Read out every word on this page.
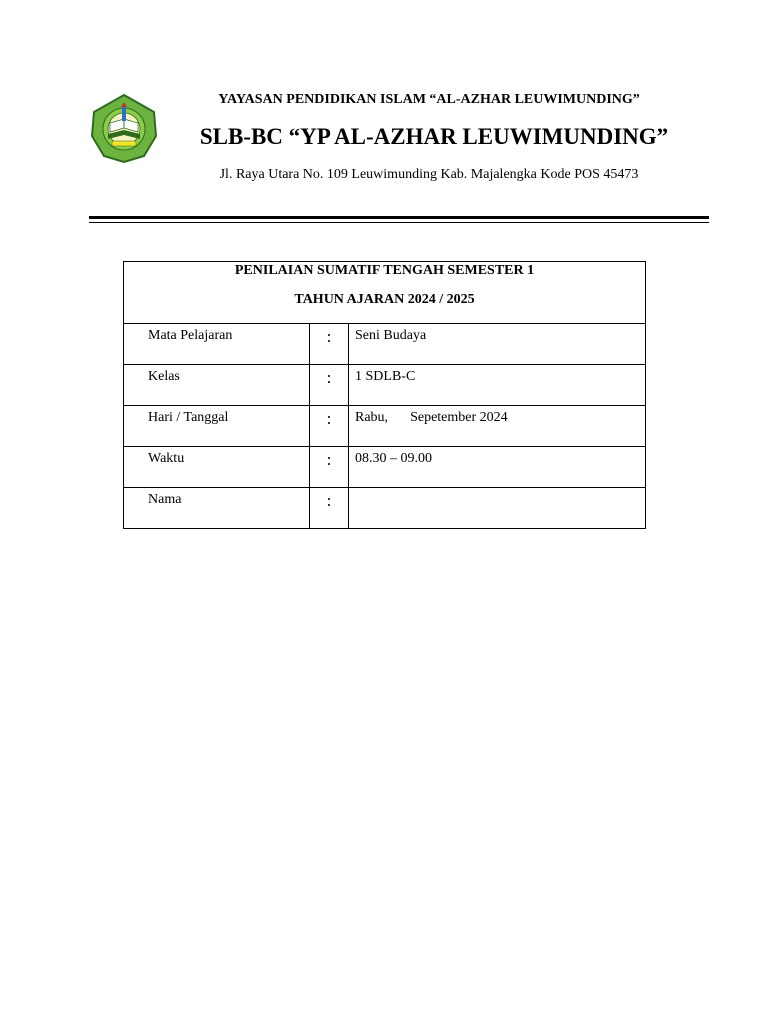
YAYASAN PENDIDIKAN ISLAM “AL-AZHAR LEUWIMUNDING”
SLB-BC “YP AL-AZHAR LEUWIMUNDING”
Jl. Raya Utara No. 109 Leuwimunding Kab. Majalengka Kode POS 45473
PENILAIAN SUMATIF TENGAH SEMESTER 1
TAHUN AJARAN 2024 / 2025		

Mata Pelajaran	:	Seni Budaya
Kelas	:	1 SDLB-C
Hari / Tanggal	:	Rabu, Sepetember 2024
Waktu	:	08.30 – 09.00
Nama	:	
